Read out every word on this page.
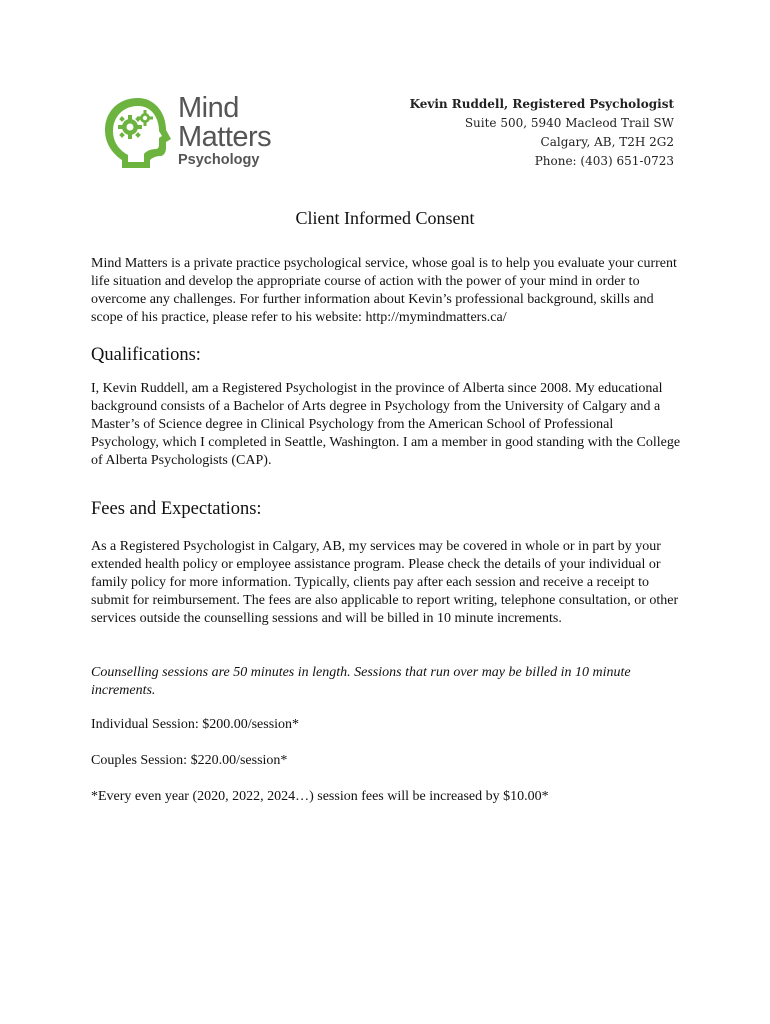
Mind
Matters
Psychology
Kevin Ruddell, Registered Psychologist
Suite 500, 5940 Macleod Trail SW
Calgary, AB, T2H 2G2
Phone: (403) 651-0723
Client Informed Consent
Mind Matters is a private practice psychological service, whose goal is to help you evaluate your current life situation and develop the appropriate course of action with the power of your mind in order to overcome any challenges. For further information about Kevin’s professional background, skills and scope of his practice, please refer to his website: http://mymindmatters.ca/
Qualifications:
I, Kevin Ruddell, am a Registered Psychologist in the province of Alberta since 2008. My educational background consists of a Bachelor of Arts degree in Psychology from the University of Calgary and a Master’s of Science degree in Clinical Psychology from the American School of Professional Psychology, which I completed in Seattle, Washington. I am a member in good standing with the College of Alberta Psychologists (CAP).
Fees and Expectations:
As a Registered Psychologist in Calgary, AB, my services may be covered in whole or in part by your extended health policy or employee assistance program. Please check the details of your individual or family policy for more information. Typically, clients pay after each session and receive a receipt to submit for reimbursement. The fees are also applicable to report writing, telephone consultation, or other services outside the counselling sessions and will be billed in 10 minute increments.
Counselling sessions are 50 minutes in length. Sessions that run over may be billed in 10 minute increments.
Individual Session: $200.00/session*
Couples Session: $220.00/session*
*Every even year (2020, 2022, 2024…) session fees will be increased by $10.00*
